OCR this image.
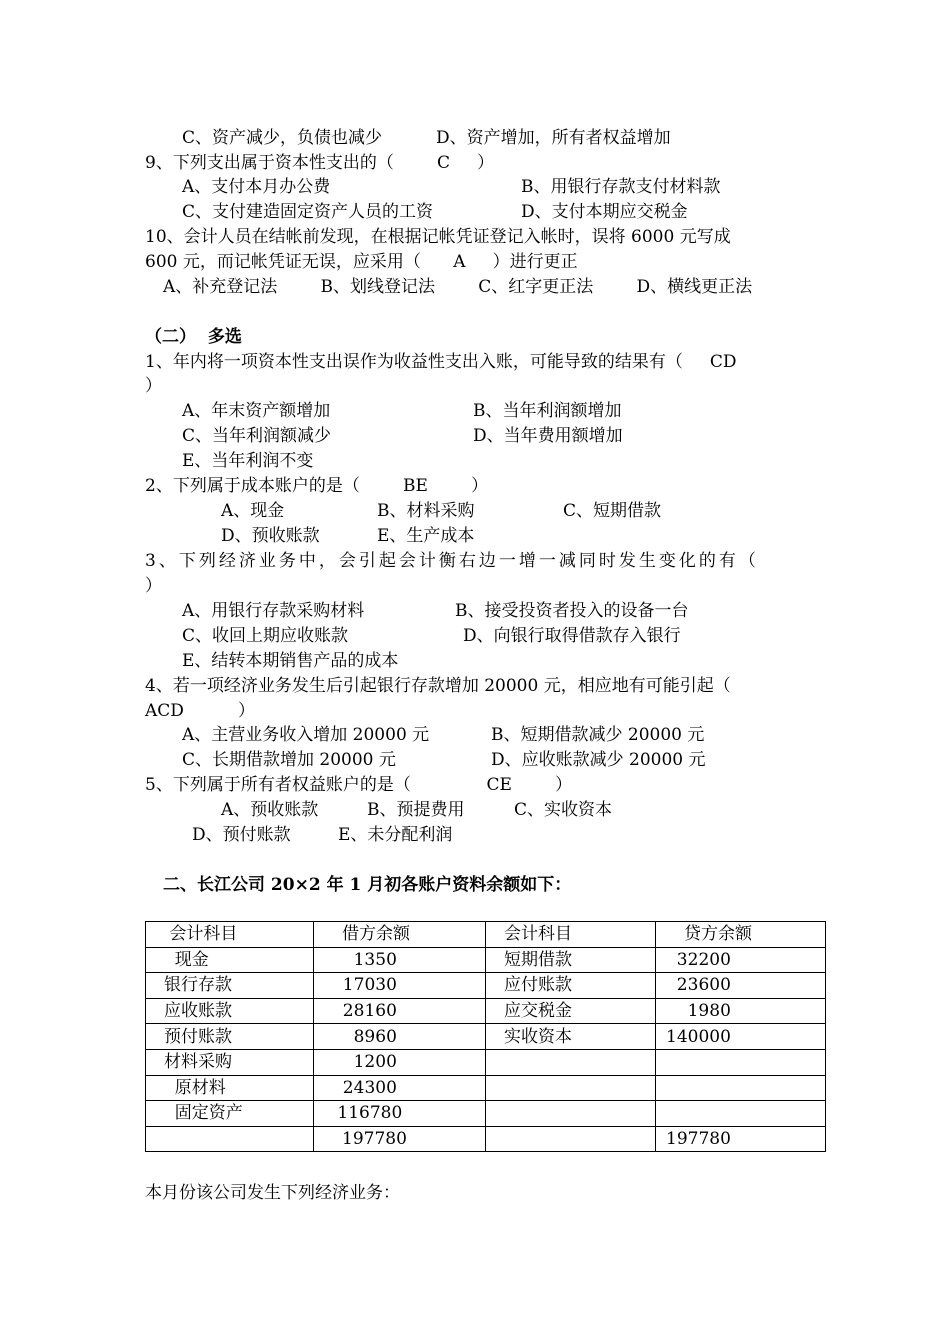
C、资产减少，负债也减少          D、资产增加，所有者权益增加
9、下列支出属于资本性支出的（        C     ）
A、支付本月办公费	B、用银行存款支付材料款
C、支付建造固定资产人员的工资	D、支付本期应交税金
10、会计人员在结帐前发现，在根据记帐凭证登记入帐时，误将 6000 元写成
600 元，而记帐凭证无误，应采用（      A     ）进行更正
A、补充登记法        B、划线登记法        C、红字更正法        D、横线更正法
（二）  多选
1、年内将一项资本性支出误作为收益性支出入账，可能导致的结果有（     CD
）
A、年末资产额增加	B、当年利润额增加
C、当年利润额减少	D、当年费用额增加
E、当年利润不变
2、下列属于成本账户的是（        BE        ）
A、现金	B、材料采购	C、短期借款
D、预收账款	E、生产成本
3、下列经济业务中，会引起会计衡右边一增一减同时发生变化的有（
）
A、用银行存款采购材料	B、接受投资者投入的设备一台
C、收回上期应收账款	D、向银行取得借款存入银行
E、结转本期销售产品的成本
4、若一项经济业务发生后引起银行存款增加 20000 元，相应地有可能引起（
ACD          ）
A、主营业务收入增加 20000 元	B、短期借款减少 20000 元
C、长期借款增加 20000 元	D、应收账款减少 20000 元
5、下列属于所有者权益账户的是（              CE        ）
A、预收账款	B、预提费用	C、实收资本
D、预付账款	E、未分配利润
二、长江公司 20×2 年 1 月初各账户资料余额如下：
会计科目	借方余额	会计科目	贷方余额
现金	1350	短期借款	32200
银行存款	17030	应付账款	23600
应收账款	28160	应交税金	1980
预付账款	8960	实收资本	140000
材料采购	1200		
原材料	24300		
固定资产	116780		
	197780		197780
本月份该公司发生下列经济业务：
